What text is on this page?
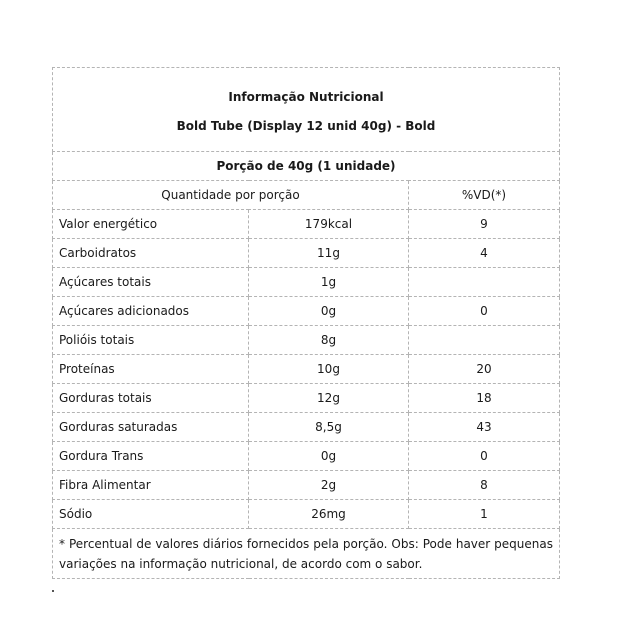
Informação Nutricional
Bold Tube (Display 12 unid 40g) - Bold		

Porção de 40g (1 unidade)		
Quantidade por porção		%VD(*)
Valor energético	179kcal	9
Carboidratos	11g	4
Açúcares totais	1g	
Açúcares adicionados	0g	0
Polióis totais	8g	
Proteínas	10g	20
Gorduras totais	12g	18
Gorduras saturadas	8,5g	43
Gordura Trans	0g	0
Fibra Alimentar	2g	8
Sódio	26mg	1
* Percentual de valores diários fornecidos pela porção. Obs: Pode haver pequenas variações na informação nutricional, de acordo com o sabor.		
